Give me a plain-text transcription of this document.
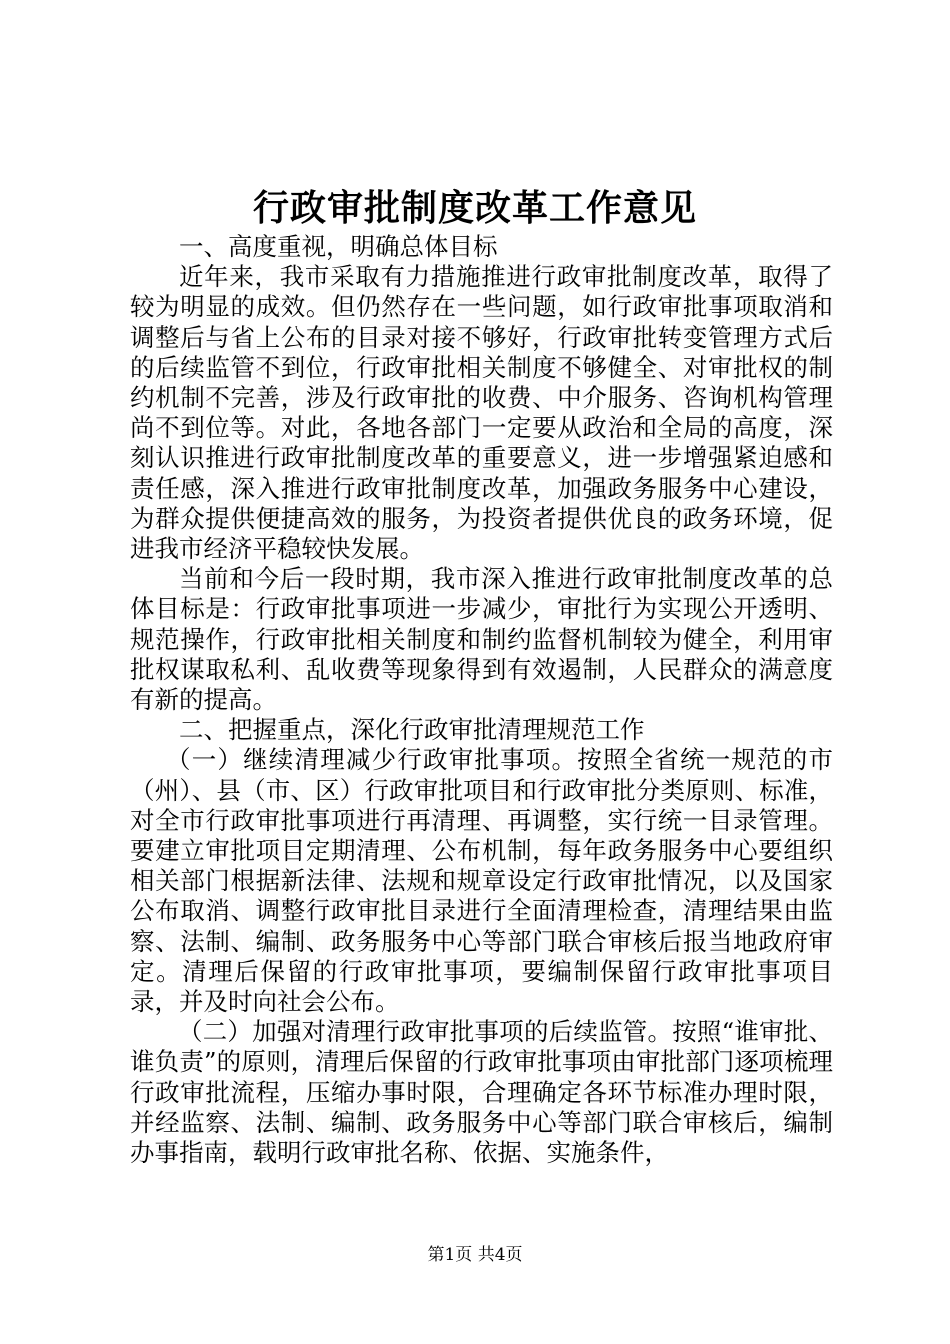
行政审批制度改革工作意见

一、高度重视，明确总体目标

近年来，我市采取有力措施推进行政审批制度改革，取得了较为明显的成效。但仍然存在一些问题，如行政审批事项取消和调整后与省上公布的目录对接不够好，行政审批转变管理方式后的后续监管不到位，行政审批相关制度不够健全、对审批权的制约机制不完善，涉及行政审批的收费、中介服务、咨询机构管理尚不到位等。对此，各地各部门一定要从政治和全局的高度，深刻认识推进行政审批制度改革的重要意义，进一步增强紧迫感和责任感，深入推进行政审批制度改革，加强政务服务中心建设，为群众提供便捷高效的服务，为投资者提供优良的政务环境，促进我市经济平稳较快发展。

当前和今后一段时期，我市深入推进行政审批制度改革的总体目标是：行政审批事项进一步减少，审批行为实现公开透明、规范操作，行政审批相关制度和制约监督机制较为健全，利用审批权谋取私利、乱收费等现象得到有效遏制，人民群众的满意度有新的提高。

二、把握重点，深化行政审批清理规范工作

（一）继续清理减少行政审批事项。按照全省统一规范的市（州）、县（市、区）行政审批项目和行政审批分类原则、标准，对全市行政审批事项进行再清理、再调整，实行统一目录管理。要建立审批项目定期清理、公布机制，每年政务服务中心要组织相关部门根据新法律、法规和规章设定行政审批情况，以及国家公布取消、调整行政审批目录进行全面清理检查，清理结果由监察、法制、编制、政务服务中心等部门联合审核后报当地政府审定。清理后保留的行政审批事项，要编制保留行政审批事项目录，并及时向社会公布。

（二）加强对清理行政审批事项的后续监管。按照“谁审批、谁负责”的原则，清理后保留的行政审批事项由审批部门逐项梳理行政审批流程，压缩办事时限，合理确定各环节标准办理时限，并经监察、法制、编制、政务服务中心等部门联合审核后，编制办事指南，载明行政审批名称、依据、实施条件，

第1页 共4页
